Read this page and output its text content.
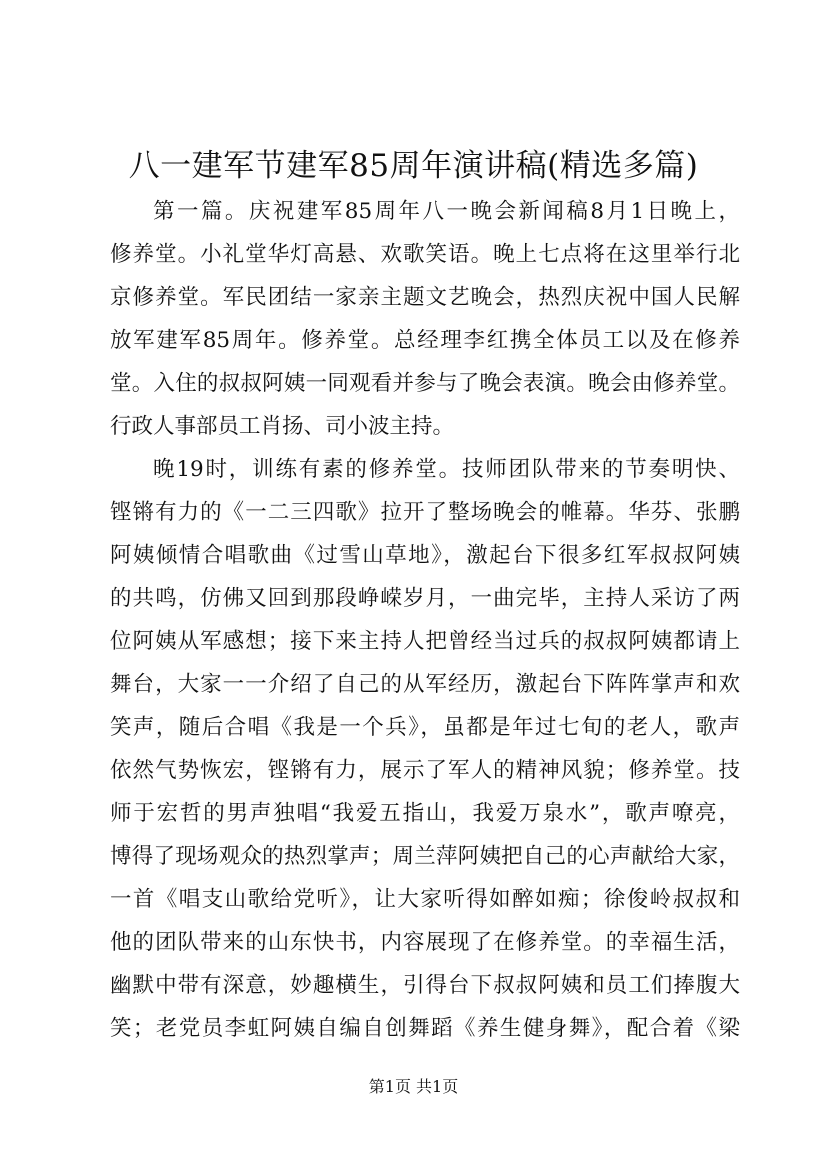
八一建军节建军85周年演讲稿(精选多篇)
第一篇。庆祝建军85周年八一晚会新闻稿8月1日晚上，
修养堂。小礼堂华灯高悬、欢歌笑语。晚上七点将在这里举行北
京修养堂。军民团结一家亲主题文艺晚会，热烈庆祝中国人民解
放军建军85周年。修养堂。总经理李红携全体员工以及在修养
堂。入住的叔叔阿姨一同观看并参与了晚会表演。晚会由修养堂。
行政人事部员工肖扬、司小波主持。
晚19时，训练有素的修养堂。技师团队带来的节奏明快、
铿锵有力的《一二三四歌》拉开了整场晚会的帷幕。华芬、张鹏
阿姨倾情合唱歌曲《过雪山草地》，激起台下很多红军叔叔阿姨
的共鸣，仿佛又回到那段峥嵘岁月，一曲完毕，主持人采访了两
位阿姨从军感想；接下来主持人把曾经当过兵的叔叔阿姨都请上
舞台，大家一一介绍了自己的从军经历，激起台下阵阵掌声和欢
笑声，随后合唱《我是一个兵》，虽都是年过七旬的老人，歌声
依然气势恢宏，铿锵有力，展示了军人的精神风貌；修养堂。技
师于宏哲的男声独唱“我爱五指山，我爱万泉水”，歌声嘹亮，
博得了现场观众的热烈掌声；周兰萍阿姨把自己的心声献给大家，
一首《唱支山歌给党听》，让大家听得如醉如痴；徐俊岭叔叔和
他的团队带来的山东快书，内容展现了在修养堂。的幸福生活，
幽默中带有深意，妙趣横生，引得台下叔叔阿姨和员工们捧腹大
笑；老党员李虹阿姨自编自创舞蹈《养生健身舞》，配合着《梁
第1页 共1页
